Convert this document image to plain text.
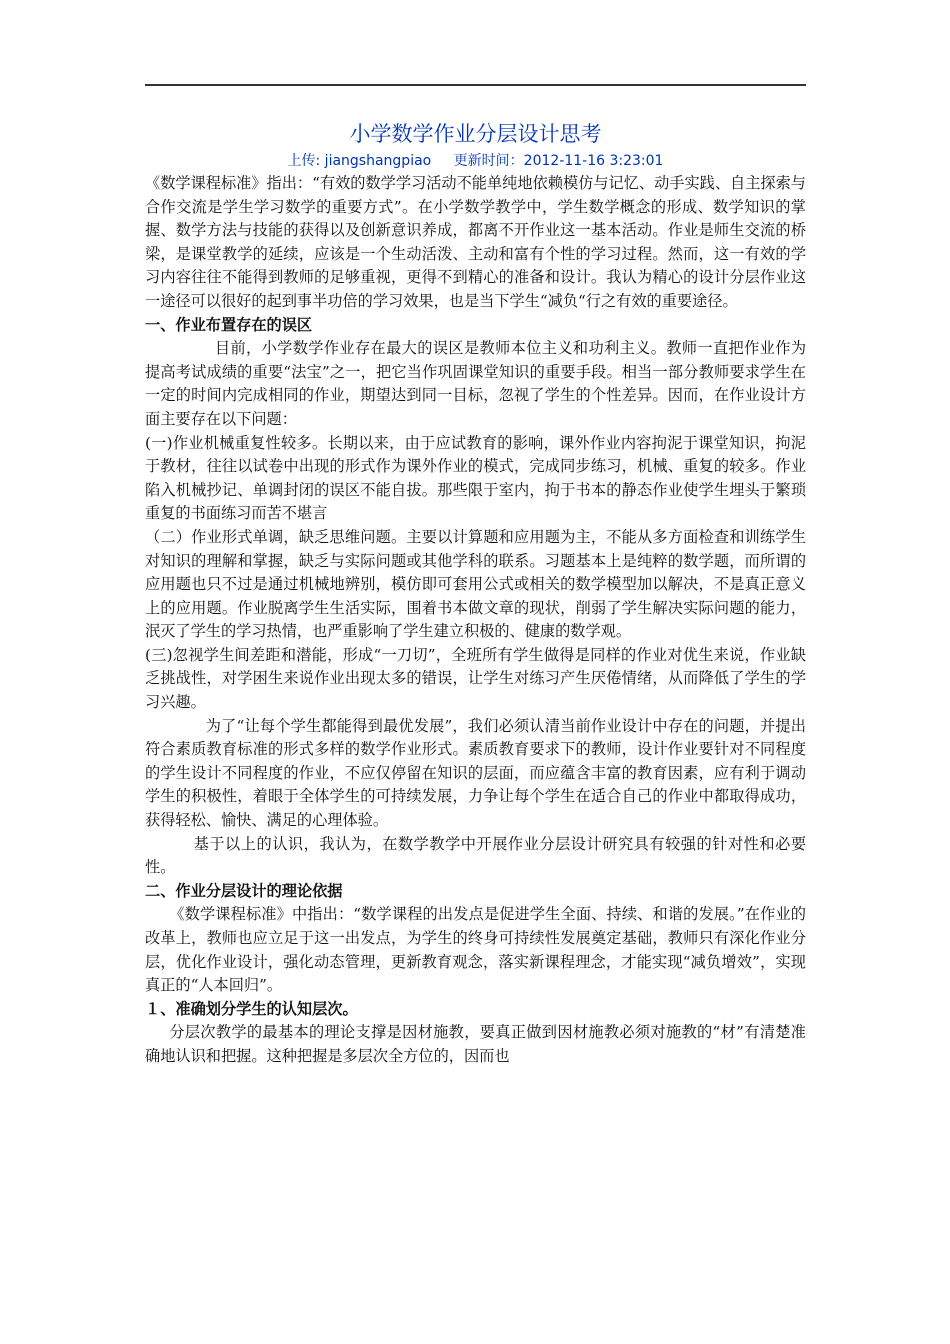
小学数学作业分层设计思考
上传: jiangshangpiao 更新时间：2012-11-16 3:23:01

《数学课程标准》指出：“有效的数学学习活动不能单纯地依赖模仿与记忆、动手实践、自主探索与合作交流是学生学习数学的重要方式”。在小学数学教学中，学生数学概念的形成、数学知识的掌握、数学方法与技能的获得以及创新意识养成，都离不开作业这一基本活动。作业是师生交流的桥梁，是课堂教学的延续，应该是一个生动活泼、主动和富有个性的学习过程。然而，这一有效的学习内容往往不能得到教师的足够重视，更得不到精心的准备和设计。我认为精心的设计分层作业这一途径可以很好的起到事半功倍的学习效果，也是当下学生“减负“行之有效的重要途径。

一、作业布置存在的误区

目前，小学数学作业存在最大的误区是教师本位主义和功利主义。教师一直把作业作为提高考试成绩的重要“法宝”之一，把它当作巩固课堂知识的重要手段。相当一部分教师要求学生在一定的时间内完成相同的作业，期望达到同一目标，忽视了学生的个性差异。因而，在作业设计方面主要存在以下问题：

(一)作业机械重复性较多。长期以来，由于应试教育的影响，课外作业内容拘泥于课堂知识，拘泥于教材，往往以试卷中出现的形式作为课外作业的模式，完成同步练习，机械、重复的较多。作业陷入机械抄记、单调封闭的误区不能自拔。那些限于室内，拘于书本的静态作业使学生埋头于繁琐重复的书面练习而苦不堪言

（二）作业形式单调，缺乏思维问题。主要以计算题和应用题为主，不能从多方面检查和训练学生对知识的理解和掌握，缺乏与实际问题或其他学科的联系。习题基本上是纯粹的数学题，而所谓的应用题也只不过是通过机械地辨别，模仿即可套用公式或相关的数学模型加以解决，不是真正意义上的应用题。作业脱离学生生活实际，围着书本做文章的现状，削弱了学生解决实际问题的能力，泯灭了学生的学习热情，也严重影响了学生建立积极的、健康的数学观。

(三)忽视学生间差距和潜能，形成“一刀切”，全班所有学生做得是同样的作业对优生来说，作业缺乏挑战性，对学困生来说作业出现太多的错误，让学生对练习产生厌倦情绪，从而降低了学生的学习兴趣。

为了“让每个学生都能得到最优发展”，我们必须认清当前作业设计中存在的问题，并提出符合素质教育标准的形式多样的数学作业形式。素质教育要求下的教师，设计作业要针对不同程度的学生设计不同程度的作业，不应仅停留在知识的层面，而应蕴含丰富的教育因素，应有利于调动学生的积极性，着眼于全体学生的可持续发展，力争让每个学生在适合自己的作业中都取得成功，获得轻松、愉快、满足的心理体验。

基于以上的认识，我认为，在数学教学中开展作业分层设计研究具有较强的针对性和必要性。

二、作业分层设计的理论依据

《数学课程标准》中指出：“数学课程的出发点是促进学生全面、持续、和谐的发展。”在作业的改革上，教师也应立足于这一出发点，为学生的终身可持续性发展奠定基础，教师只有深化作业分层，优化作业设计，强化动态管理，更新教育观念，落实新课程理念，才能实现“减负增效”，实现真正的“人本回归”。

１、准确划分学生的认知层次。

分层次教学的最基本的理论支撑是因材施教，要真正做到因材施教必须对施教的“材”有清楚准确地认识和把握。这种把握是多层次全方位的，因而也
